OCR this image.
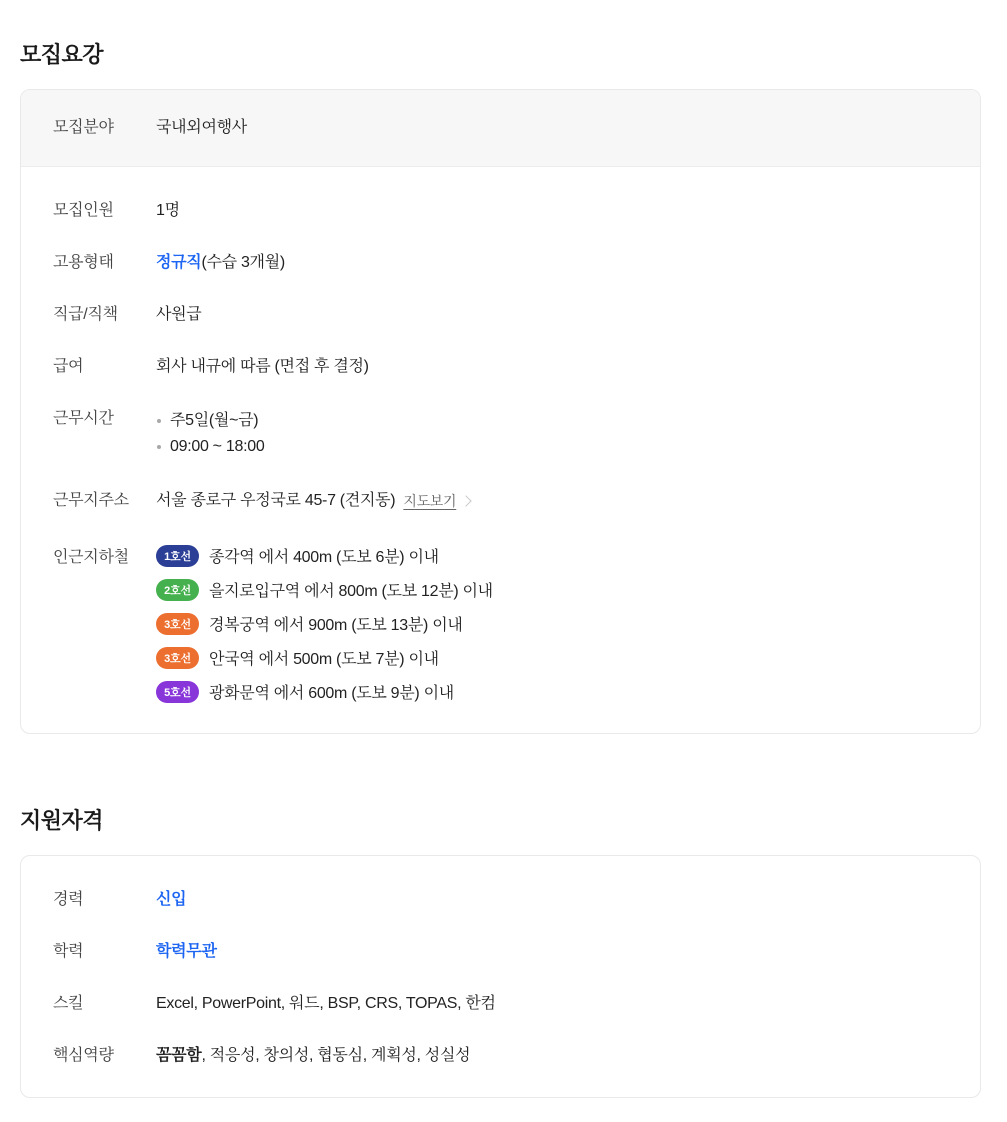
모집요강
모집분야	국내외여행사
모집인원	1명
고용형태	정규직(수습 3개월)
직급/직책	사원급
급여	회사 내규에 따름 (면접 후 결정)
근무시간	주5일(월~금)
09:00 ~ 18:00
근무지주소	서울 종로구 우정국로 45-7 (견지동) 지도보기
인근지하철	1호선	종각역 에서 400m (도보 6분) 이내
2호선	을지로입구역 에서 800m (도보 12분) 이내
3호선	경복궁역 에서 900m (도보 13분) 이내
3호선	안국역 에서 500m (도보 7분) 이내
5호선	광화문역 에서 600m (도보 9분) 이내
지원자격
경력	신입
학력	학력무관
스킬	Excel, PowerPoint, 워드, BSP, CRS, TOPAS, 한컴
핵심역량	꼼꼼함, 적응성, 창의성, 협동심, 계획성, 성실성
